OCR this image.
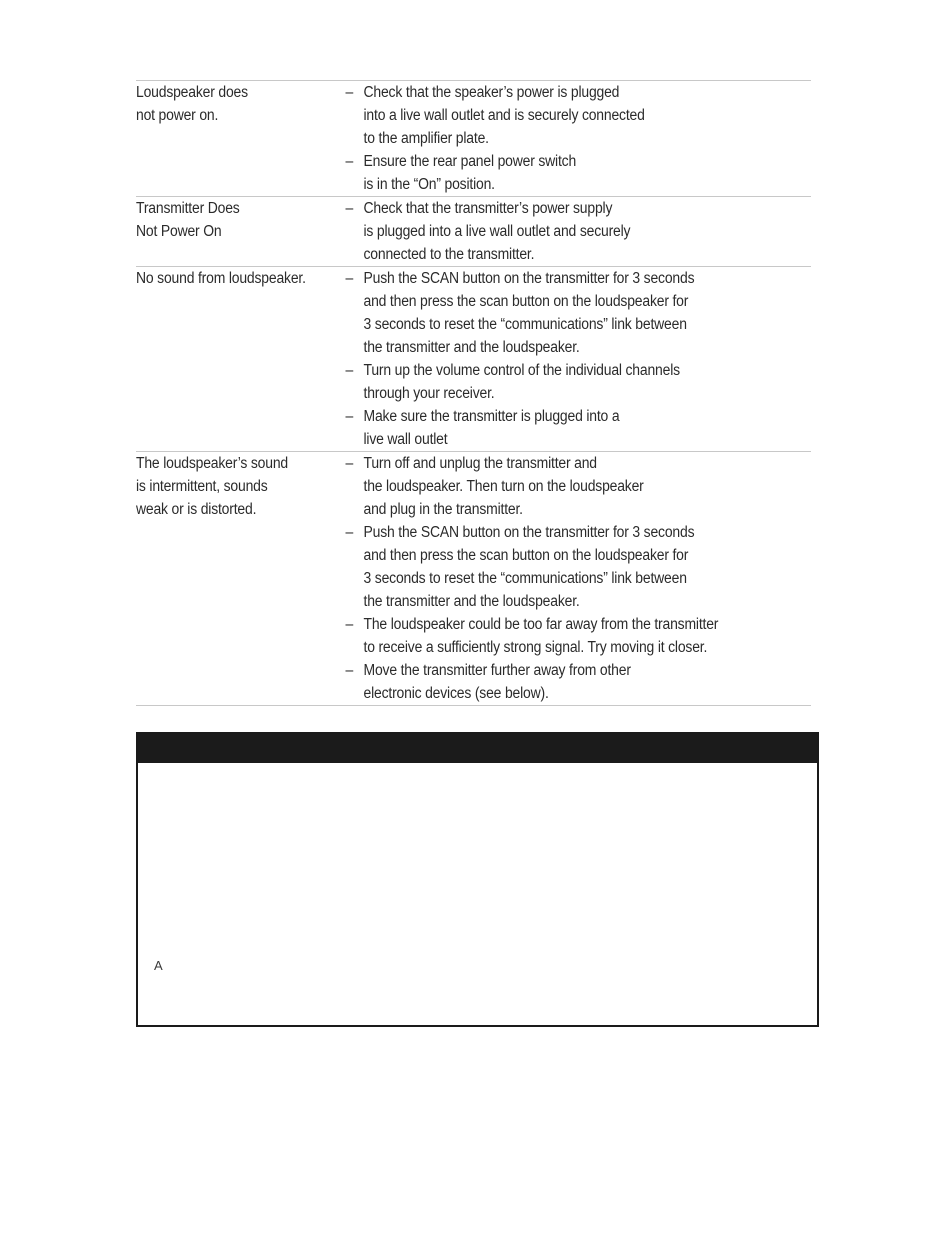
Loudspeaker does
not power on.
– Check that the speaker’s power is plugged
into a live wall outlet and is securely connected
to the amplifier plate.
– Ensure the rear panel power switch
is in the “On” position.
Transmitter Does
Not Power On
– Check that the transmitter’s power supply
is plugged into a live wall outlet and securely
connected to the transmitter.
No sound from loudspeaker.	– Push the SCAN button on the transmitter for 3 seconds
and then press the scan button on the loudspeaker for
3 seconds to reset the “communications” link between
the transmitter and the loudspeaker.
– Turn up the volume control of the individual channels
through your receiver.
– Make sure the transmitter is plugged into a
live wall outlet
The loudspeaker’s sound
is intermittent, sounds
weak or is distorted.
– Turn off and unplug the transmitter and
the loudspeaker. Then turn on the loudspeaker
and plug in the transmitter.
– Push the SCAN button on the transmitter for 3 seconds
and then press the scan button on the loudspeaker for
3 seconds to reset the “communications” link between
the transmitter and the loudspeaker.
– The loudspeaker could be too far away from the transmitter
to receive a sufficiently strong signal. Try moving it closer.
– Move the transmitter further away from other
electronic devices (see below).
A
